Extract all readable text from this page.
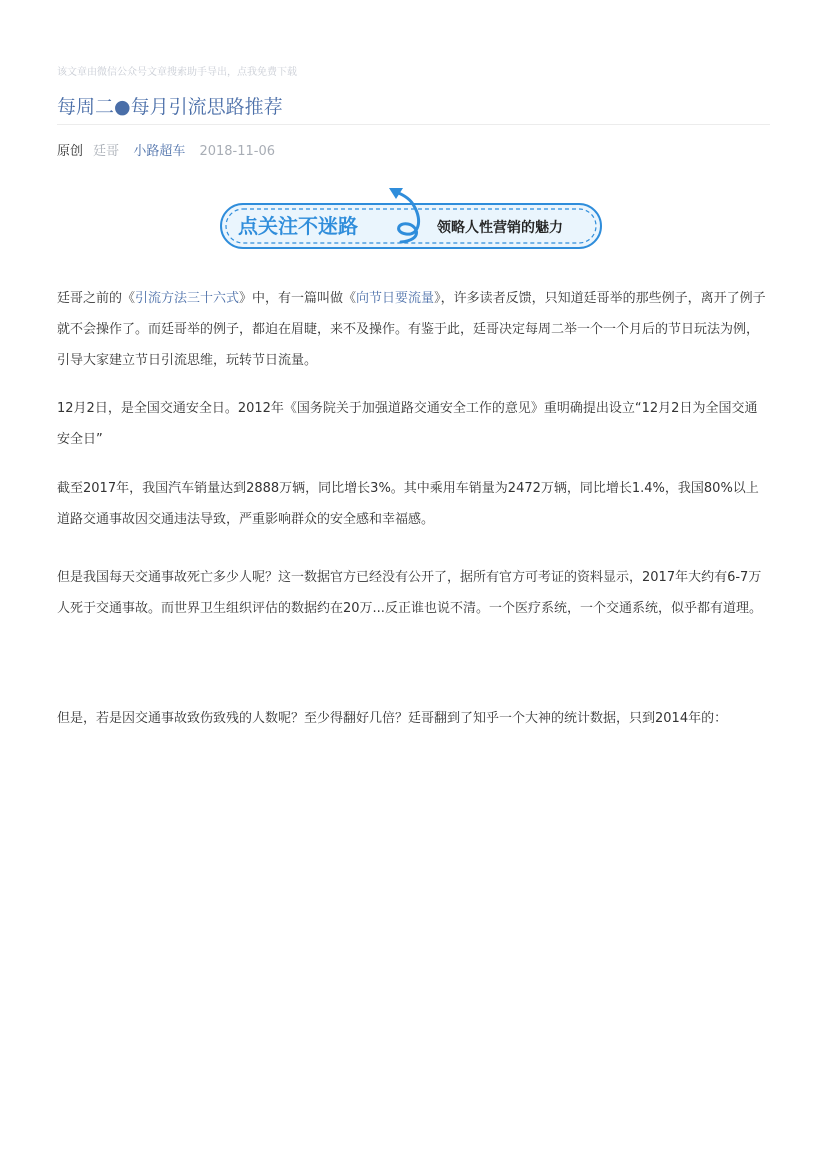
该文章由微信公众号文章搜索助手导出，点我免费下载
每周二●每月引流思路推荐
原创 廷哥 小路超车 2018-11-06
点关注不迷路	领略人性营销的魅力

廷哥之前的《引流方法三十六式》中，有一篇叫做《向节日要流量》，许多读者反馈，只知道廷哥举的那些例子，离开了例子就不会操作了。而廷哥举的例子，都迫在眉睫，来不及操作。有鉴于此，廷哥决定每周二举一个一个月后的节日玩法为例，引导大家建立节日引流思维，玩转节日流量。

12月2日，是全国交通安全日。2012年《国务院关于加强道路交通安全工作的意见》重明确提出设立“12月2日为全国交通安全日”

截至2017年，我国汽车销量达到2888万辆，同比增长3%。其中乘用车销量为2472万辆，同比增长1.4%，我国80%以上道路交通事故因交通违法导致，严重影响群众的安全感和幸福感。

但是我国每天交通事故死亡多少人呢？这一数据官方已经没有公开了，据所有官方可考证的资料显示，2017年大约有6-7万人死于交通事故。而世界卫生组织评估的数据约在20万...反正谁也说不清。一个医疗系统，一个交通系统，似乎都有道理。

但是，若是因交通事故致伤致残的人数呢？至少得翻好几倍？廷哥翻到了知乎一个大神的统计数据，只到2014年的：
